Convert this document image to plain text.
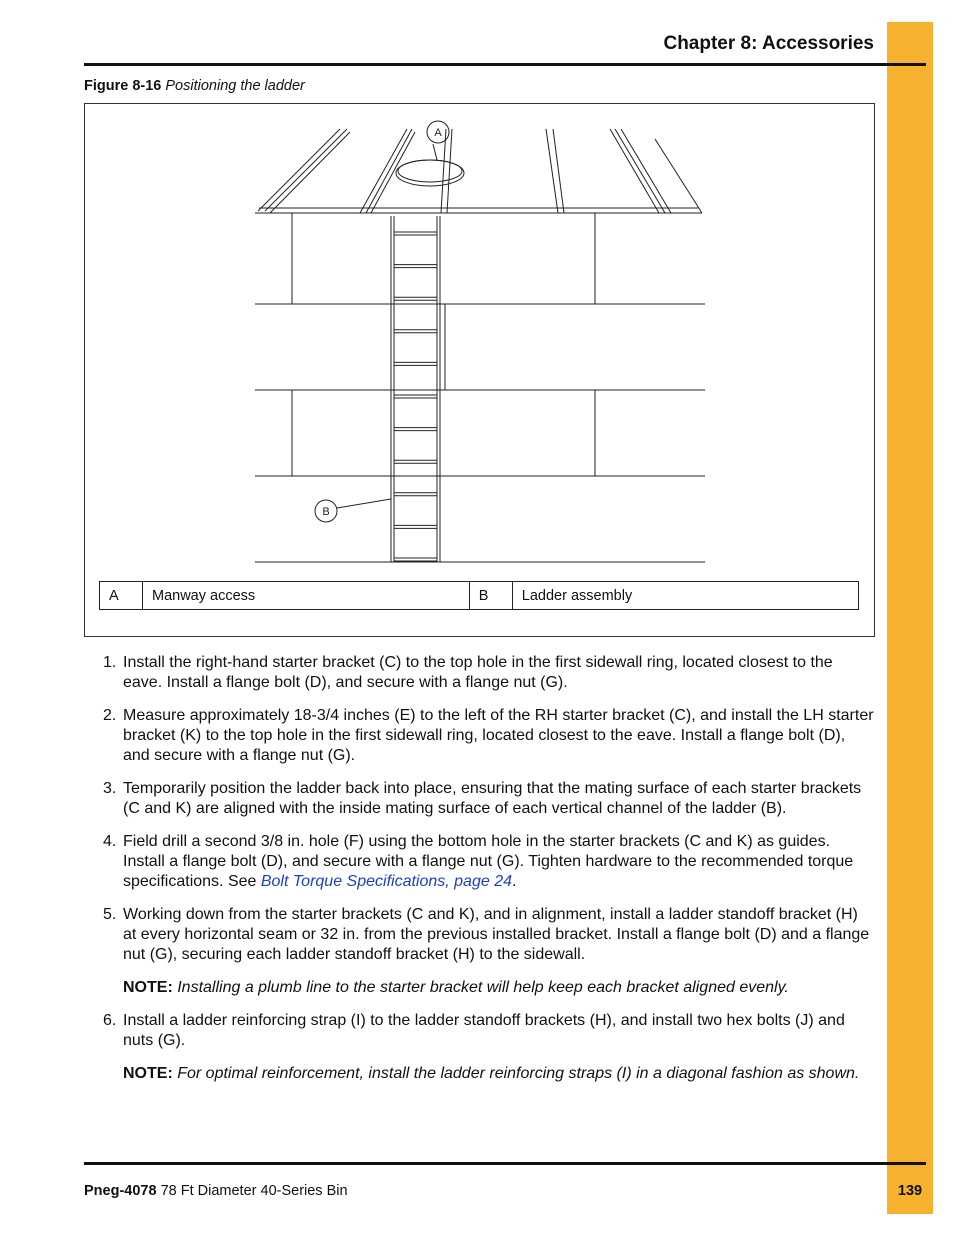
Chapter 8: Accessories
Figure 8-16 Positioning the ladder
A
B
A	Manway access	B	Ladder assembly
1. Install the right-hand starter bracket (C) to the top hole in the first sidewall ring, located closest to the eave. Install a flange bolt (D), and secure with a flange nut (G).
2. Measure approximately 18-3/4 inches (E) to the left of the RH starter bracket (C), and install the LH starter bracket (K) to the top hole in the first sidewall ring, located closest to the eave. Install a flange bolt (D), and secure with a flange nut (G).
3. Temporarily position the ladder back into place, ensuring that the mating surface of each starter brackets (C and K) are aligned with the inside mating surface of each vertical channel of the ladder (B).
4. Field drill a second 3/8 in. hole (F) using the bottom hole in the starter brackets (C and K) as guides. Install a flange bolt (D), and secure with a flange nut (G). Tighten hardware to the recommended torque specifications. See Bolt Torque Specifications, page 24.
5. Working down from the starter brackets (C and K), and in alignment, install a ladder standoff bracket (H) at every horizontal seam or 32 in. from the previous installed bracket. Install a flange bolt (D) and a flange nut (G), securing each ladder standoff bracket (H) to the sidewall.
NOTE: Installing a plumb line to the starter bracket will help keep each bracket aligned evenly.
6. Install a ladder reinforcing strap (I) to the ladder standoff brackets (H), and install two hex bolts (J) and nuts (G).
NOTE: For optimal reinforcement, install the ladder reinforcing straps (I) in a diagonal fashion as shown.
Pneg-4078 78 Ft Diameter 40-Series Bin	139
